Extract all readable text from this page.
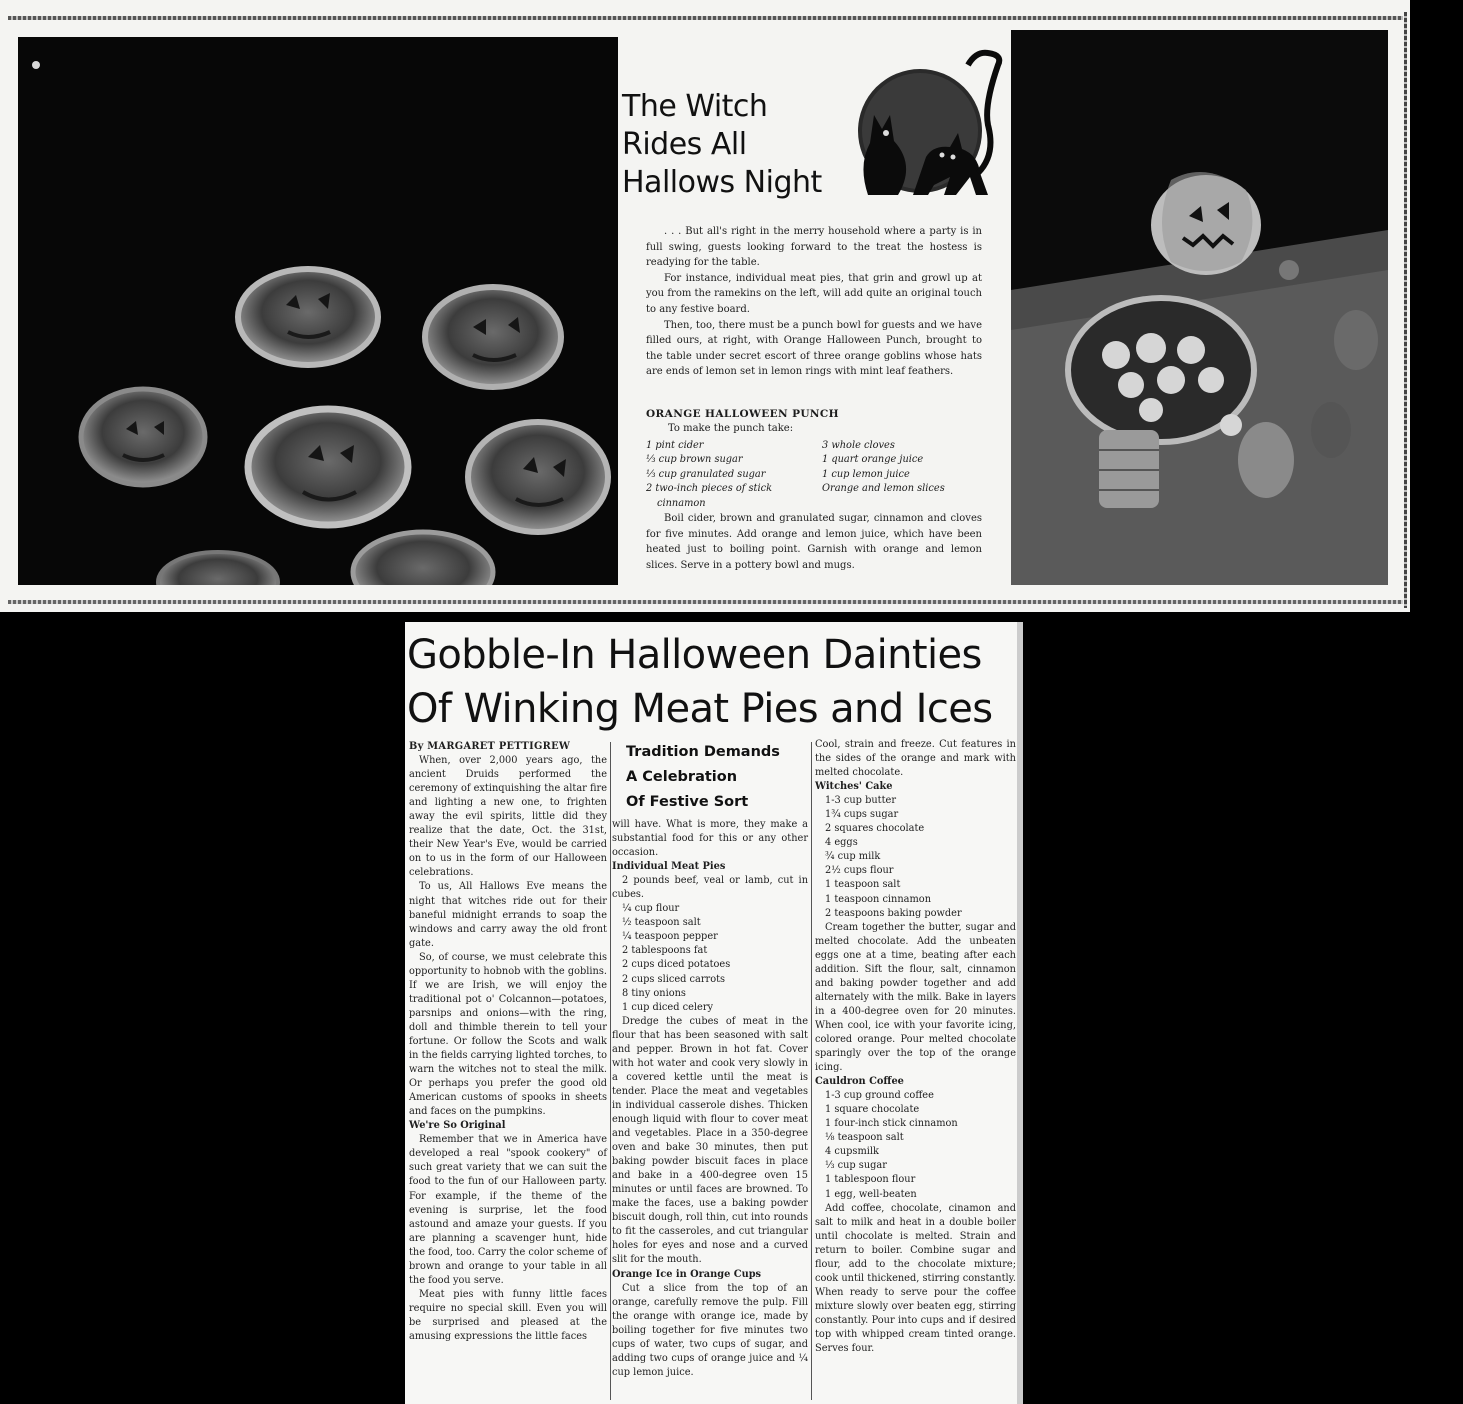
The Witch
Rides All
Hallows Night

. . . But all's right in the merry household where a party is in full swing, guests looking forward to the treat the hostess is readying for the table.

For instance, individual meat pies, that grin and growl up at you from the ramekins on the left, will add quite an original touch to any festive board.

Then, too, there must be a punch bowl for guests and we have filled ours, at right, with Orange Halloween Punch, brought to the table under secret escort of three orange goblins whose hats are ends of lemon set in lemon rings with mint leaf feathers.

ORANGE HALLOWEEN PUNCH
To make the punch take:
1 pint cider
⅓ cup brown sugar
⅓ cup granulated sugar
2 two-inch pieces of stick
cinnamon
3 whole cloves
1 quart orange juice
1 cup lemon juice
Orange and lemon slices
Boil cider, brown and granulated sugar, cinnamon and cloves for five minutes. Add orange and lemon juice, which have been heated just to boiling point. Garnish with orange and lemon slices. Serve in a pottery bowl and mugs.
Gobble-In Halloween Dainties
Of Winking Meat Pies and Ices

By MARGARET PETTIGREW

When, over 2,000 years ago, the ancient Druids performed the ceremony of extinquishing the altar fire and lighting a new one, to frighten away the evil spirits, little did they realize that the date, Oct. the 31st, their New Year's Eve, would be carried on to us in the form of our Halloween celebrations.

To us, All Hallows Eve means the night that witches ride out for their baneful midnight errands to soap the windows and carry away the old front gate.

So, of course, we must celebrate this opportunity to hobnob with the goblins. If we are Irish, we will enjoy the traditional pot o' Colcannon—potatoes, parsnips and onions—with the ring, doll and thimble therein to tell your fortune. Or follow the Scots and walk in the fields carrying lighted torches, to warn the witches not to steal the milk. Or perhaps you prefer the good old American customs of spooks in sheets and faces on the pumpkins.

We're So Original

Remember that we in America have developed a real "spook cookery" of such great variety that we can suit the food to the fun of our Halloween party. For example, if the theme of the evening is surprise, let the food astound and amaze your guests. If you are planning a scavenger hunt, hide the food, too. Carry the color scheme of brown and orange to your table in all the food you serve.

Meat pies with funny little faces require no special skill. Even you will be surprised and pleased at the amusing expressions the little faces

Tradition Demands
A Celebration
Of Festive Sort

will have. What is more, they make a substantial food for this or any other occasion.

Individual Meat Pies

2 pounds beef, veal or lamb, cut in cubes.

¼ cup flour

½ teaspoon salt

¼ teaspoon pepper

2 tablespoons fat

2 cups diced potatoes

2 cups sliced carrots

8 tiny onions

1 cup diced celery

Dredge the cubes of meat in the flour that has been seasoned with salt and pepper. Brown in hot fat. Cover with hot water and cook very slowly in a covered kettle until the meat is tender. Place the meat and vegetables in individual casserole dishes. Thicken enough liquid with flour to cover meat and vegetables. Place in a 350-degree oven and bake 30 minutes, then put baking powder biscuit faces in place and bake in a 400-degree oven 15 minutes or until faces are browned. To make the faces, use a baking powder biscuit dough, roll thin, cut into rounds to fit the casseroles, and cut triangular holes for eyes and nose and a curved slit for the mouth.

Orange Ice in Orange Cups

Cut a slice from the top of an orange, carefully remove the pulp. Fill the orange with orange ice, made by boiling together for five minutes two cups of water, two cups of sugar, and adding two cups of orange juice and ¼ cup lemon juice.

Cool, strain and freeze. Cut features in the sides of the orange and mark with melted chocolate.

Witches' Cake

1-3 cup butter

1¾ cups sugar

2 squares chocolate

4 eggs

¾ cup milk

2½ cups flour

1 teaspoon salt

1 teaspoon cinnamon

2 teaspoons baking powder

Cream together the butter, sugar and melted chocolate. Add the unbeaten eggs one at a time, beating after each addition. Sift the flour, salt, cinnamon and baking powder together and add alternately with the milk. Bake in layers in a 400-degree oven for 20 minutes. When cool, ice with your favorite icing, colored orange. Pour melted chocolate sparingly over the top of the orange icing.

Cauldron Coffee

1-3 cup ground coffee

1 square chocolate

1 four-inch stick cinnamon

⅛ teaspoon salt

4 cupsmilk

⅓ cup sugar

1 tablespoon flour

1 egg, well-beaten

Add coffee, chocolate, cinamon and salt to milk and heat in a double boiler until chocolate is melted. Strain and return to boiler. Combine sugar and flour, add to the chocolate mixture; cook until thickened, stirring constantly. When ready to serve pour the coffee mixture slowly over beaten egg, stirring constantly. Pour into cups and if desired top with whipped cream tinted orange. Serves four.
